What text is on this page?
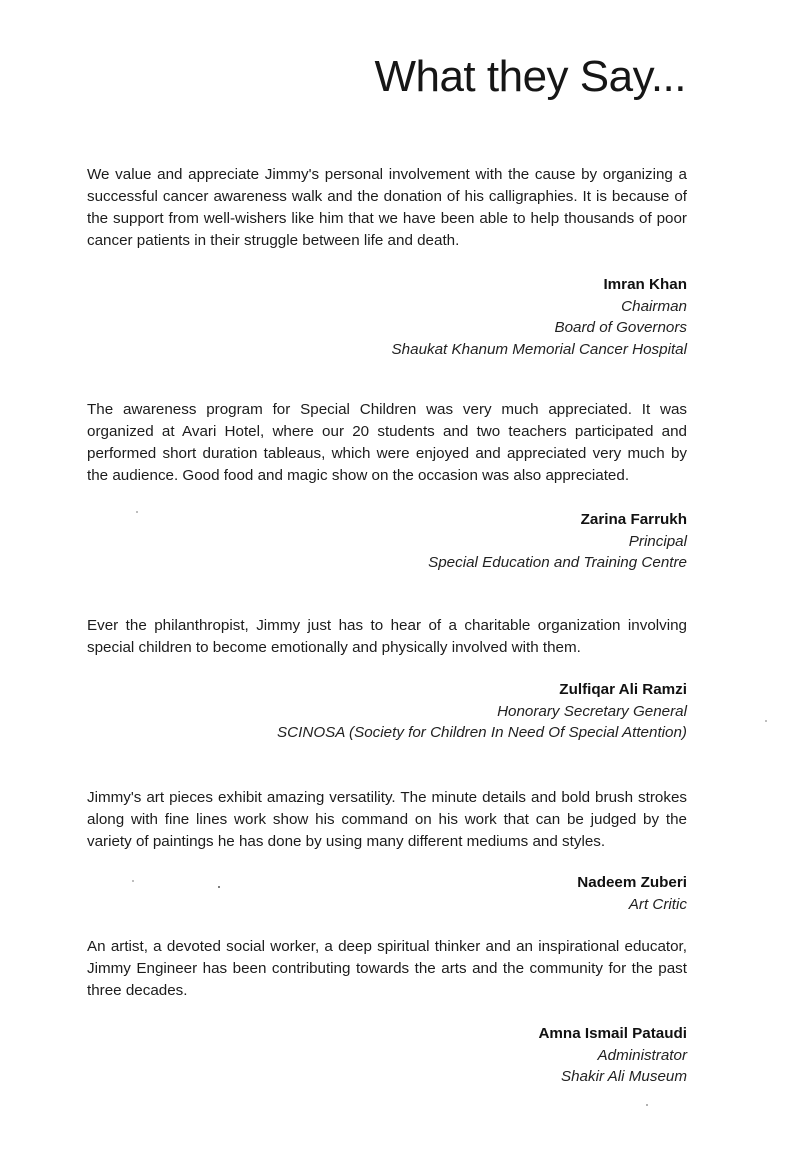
What they Say...

We value and appreciate Jimmy's personal involvement with the cause by organizing a successful cancer awareness walk and the donation of his calligraphies. It is because of the support from well-wishers like him that we have been able to help thousands of poor cancer patients in their struggle between life and death.

Imran Khan
Chairman
Board of Governors
Shaukat Khanum Memorial Cancer Hospital

The awareness program for Special Children was very much appreciated. It was organized at Avari Hotel, where our 20 students and two teachers participated and performed short duration tableaus, which were enjoyed and appreciated very much by the audience. Good food and magic show on the occasion was also appreciated.

Zarina Farrukh
Principal
Special Education and Training Centre

Ever the philanthropist, Jimmy just has to hear of a charitable organization involving special children to become emotionally and physically involved with them.

Zulfiqar Ali Ramzi
Honorary Secretary General
SCINOSA (Society for Children In Need Of Special Attention)

Jimmy's art pieces exhibit amazing versatility. The minute details and bold brush strokes along with fine lines work show his command on his work that can be judged by the variety of paintings he has done by using many different mediums and styles.

Nadeem Zuberi
Art Critic

An artist, a devoted social worker, a deep spiritual thinker and an inspirational educator, Jimmy Engineer has been contributing towards the arts and the community for the past three decades.

Amna Ismail Pataudi
Administrator
Shakir Ali Museum
